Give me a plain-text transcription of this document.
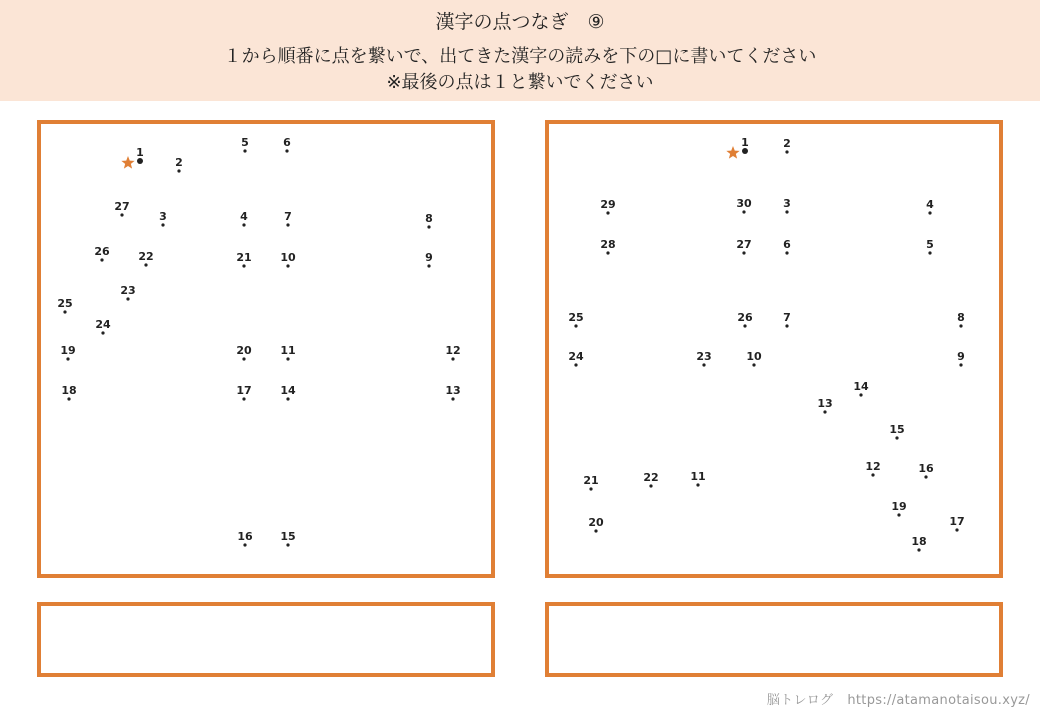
漢字の点つなぎ　⑨
１から順番に点を繋いで、出てきた漢字の読みを下の□に書いてください
※最後の点は１と繋いでください
1
2
3	4
5	6
7	8
9
10
11	12
13
14
15
16
17
18
19	20
21
22
23
24
25
26
27
1	2
3	4
5
6
7	8
9
10
11
12
13
14
15
16
17
18
19
20
21	22
23
24
25	26
27
28
29	30
脳トレログ https://atamanotaisou.xyz/
